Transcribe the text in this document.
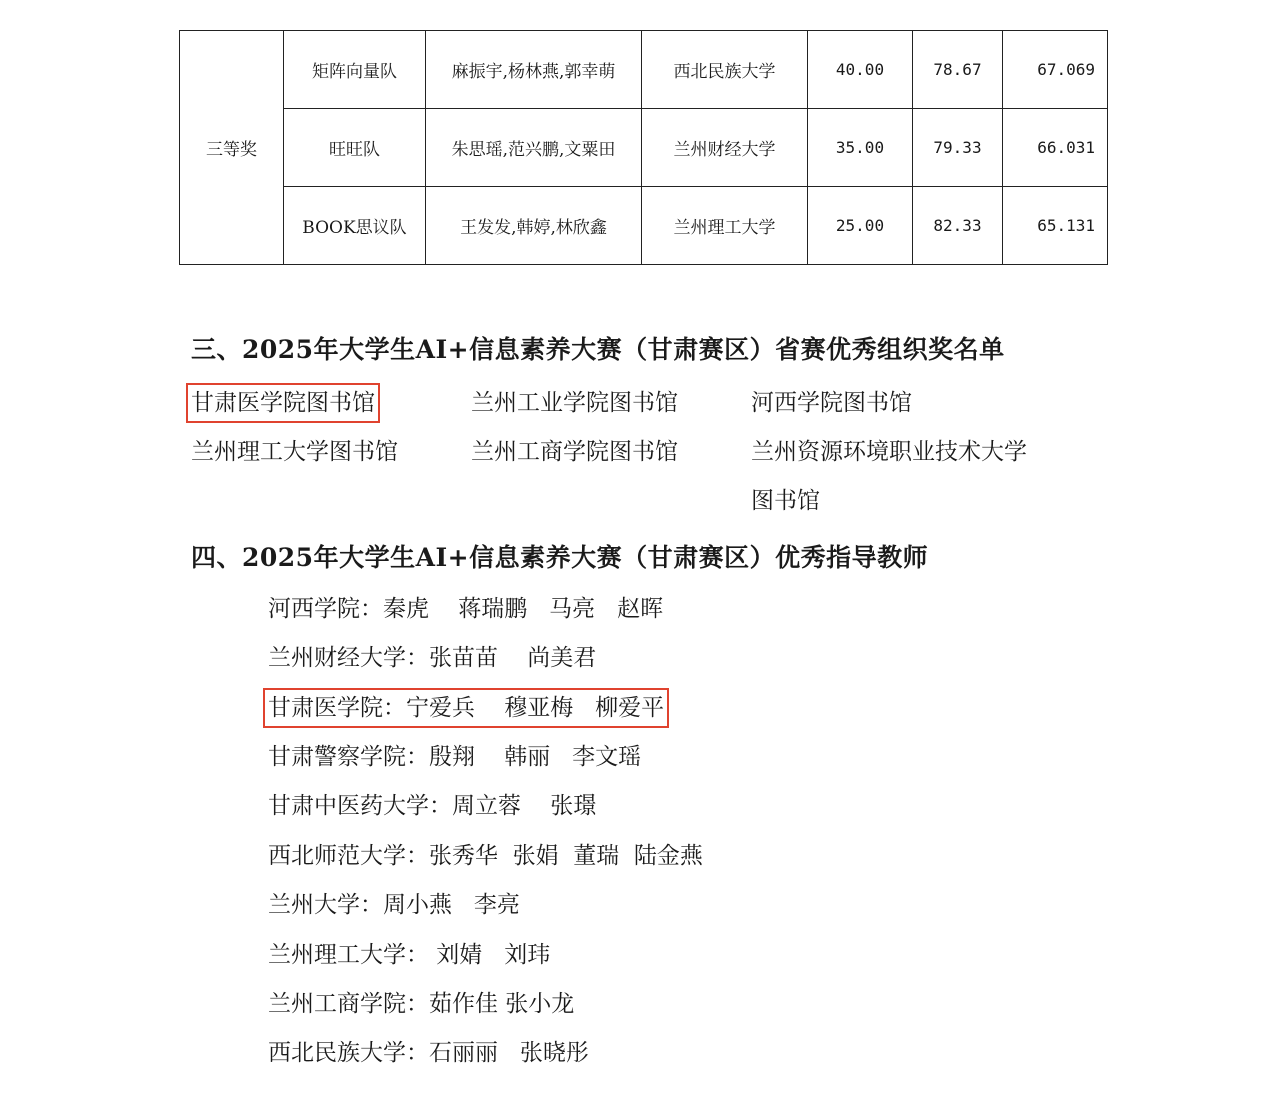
三等奖	矩阵向量队	麻振宇,杨林燕,郭幸萌	西北民族大学	40.00	78.67	67.069
	旺旺队	朱思瑶,范兴鹏,文粟田	兰州财经大学	35.00	79.33	66.031
	BOOK思议队	王发发,韩婷,林欣鑫	兰州理工大学	25.00	82.33	65.131
三、2025年大学生AI+信息素养大赛（甘肃赛区）省赛优秀组织奖名单
甘肃医学院图书馆	兰州工业学院图书馆	河西学院图书馆
兰州理工大学图书馆	兰州工商学院图书馆	兰州资源环境职业技术大学
图书馆
四、2025年大学生AI+信息素养大赛（甘肃赛区）优秀指导教师
河西学院：秦虎    蒋瑞鹏   马亮   赵晖
兰州财经大学：张苗苗    尚美君
甘肃医学院：宁爱兵    穆亚梅   柳爱平
甘肃警察学院：殷翔    韩丽   李文瑶
甘肃中医药大学：周立蓉    张璟
西北师范大学：张秀华  张娟  董瑞  陆金燕
兰州大学：周小燕   李亮
兰州理工大学： 刘婧   刘玮
兰州工商学院：茹作佳 张小龙
西北民族大学：石丽丽   张晓彤
